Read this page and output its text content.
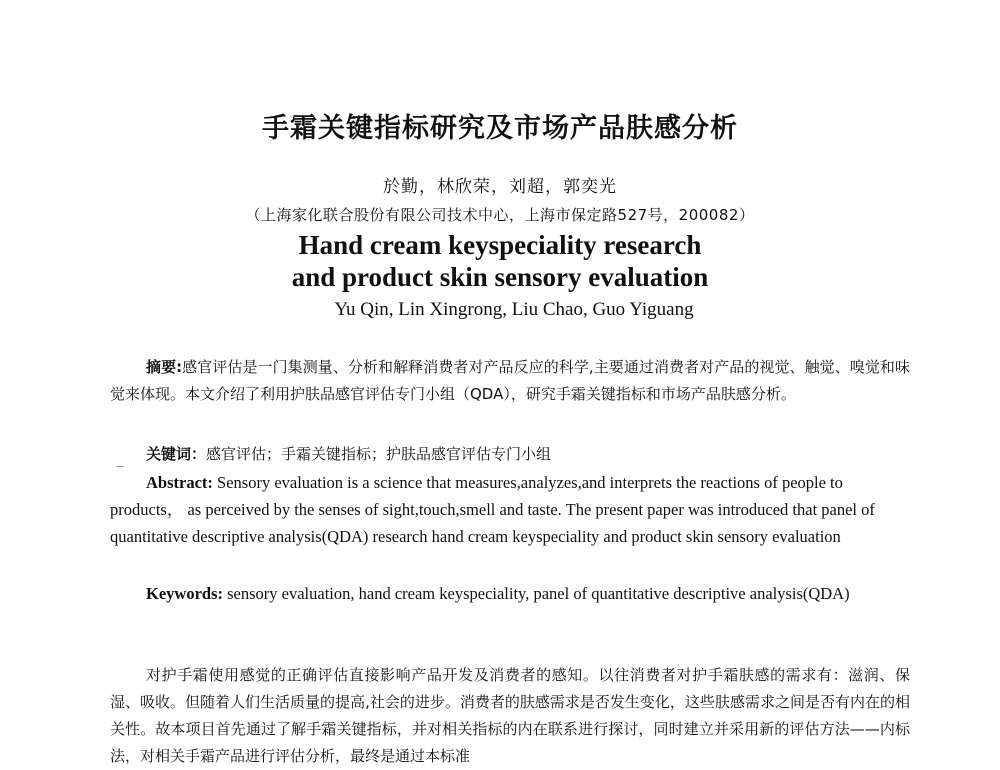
手霜关键指标研究及市场产品肤感分析
於勤，林欣荣，刘超，郭奕光
（上海家化联合股份有限公司技术中心，上海市保定路527号，200082）
Hand cream keyspeciality research
and product skin sensory evaluation
Yu Qin, Lin Xingrong, Liu Chao, Guo Yiguang
摘要:感官评估是一门集测量、分析和解释消费者对产品反应的科学,主要通过消费者对产品的视觉、触觉、嗅觉和味觉来体现。本文介绍了利用护肤品感官评估专门小组（QDA），研究手霜关键指标和市场产品肤感分析。
关键词：感官评估；手霜关键指标；护肤品感官评估专门小组
Abstract: Sensory evaluation is a science that measures,analyzes,and interprets the reactions of people to products， as perceived by the senses of sight,touch,smell and taste. The present paper was introduced that panel of quantitative descriptive analysis(QDA) research hand cream keyspeciality and product skin sensory evaluation
Keywords: sensory evaluation, hand cream keyspeciality, panel of quantitative descriptive analysis(QDA)
对护手霜使用感觉的正确评估直接影响产品开发及消费者的感知。以往消费者对护手霜肤感的需求有：滋润、保湿、吸收。但随着人们生活质量的提高,社会的进步。消费者的肤感需求是否发生变化，这些肤感需求之间是否有内在的相关性。故本项目首先通过了解手霜关键指标，并对相关指标的内在联系进行探讨，同时建立并采用新的评估方法——内标法，对相关手霜产品进行评估分析，最终是通过本标准
